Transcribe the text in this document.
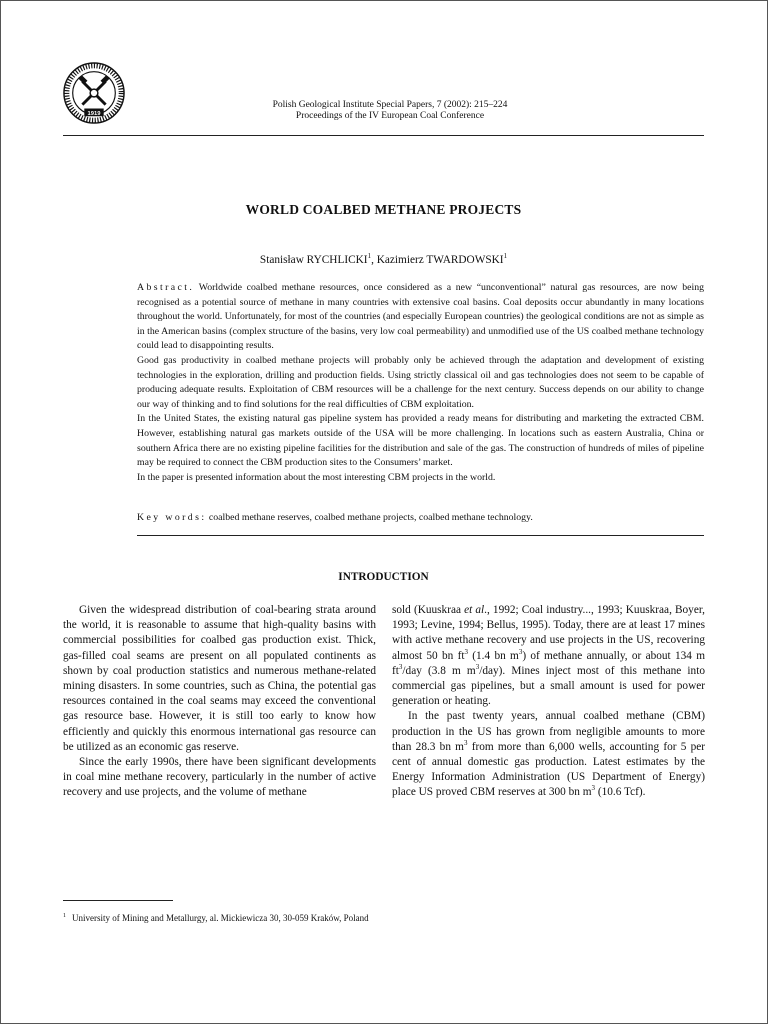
1919
Polish Geological Institute Special Papers, 7 (2002): 215–224
Proceedings of the IV European Coal Conference
WORLD COALBED METHANE PROJECTS
Stanisław RYCHLICKI$^1$, Kazimierz TWARDOWSKI$^1$

Abstract. Worldwide coalbed methane resources, once considered as a new “unconventional” natural gas resources, are now being recognised as a potential source of methane in many countries with extensive coal basins. Coal deposits occur abundantly in many locations throughout the world. Unfortunately, for most of the countries (and especially European countries) the geological conditions are not as simple as in the American basins (complex structure of the basins, very low coal permeability) and unmodified use of the US coalbed methane technology could lead to disappointing results.

Good gas productivity in coalbed methane projects will probably only be achieved through the adaptation and development of existing technologies in the exploration, drilling and production fields. Using strictly classical oil and gas technologies does not seem to be capable of producing adequate results. Exploitation of CBM resources will be a challenge for the next century. Success depends on our ability to change our way of thinking and to find solutions for the real difficulties of CBM exploitation.

In the United States, the existing natural gas pipeline system has provided a ready means for distributing and marketing the extracted CBM. However, establishing natural gas markets outside of the USA will be more challenging. In locations such as eastern Australia, China or southern Africa there are no existing pipeline facilities for the distribution and sale of the gas. The construction of hundreds of miles of pipeline may be required to connect the CBM production sites to the Consumers’ market.

In the paper is presented information about the most interesting CBM projects in the world.

Key words: coalbed methane reserves, coalbed methane projects, coalbed methane technology.
INTRODUCTION

Given the widespread distribution of coal-bearing strata around the world, it is reasonable to assume that high-quality basins with commercial possibilities for coalbed gas production exist. Thick, gas-filled coal seams are present on all populated continents as shown by coal production statistics and numerous methane-related mining disasters. In some countries, such as China, the potential gas resources contained in the coal seams may exceed the conventional gas resource base. However, it is still too early to know how efficiently and quickly this enormous international gas resource can be utilized as an economic gas reserve.

Since the early 1990s, there have been significant developments in coal mine methane recovery, particularly in the number of active recovery and use projects, and the volume of methane

sold (Kuuskraa et al., 1992; Coal industry..., 1993; Kuuskraa, Boyer, 1993; Levine, 1994; Bellus, 1995). Today, there are at least 17 mines with active methane recovery and use projects in the US, recovering almost 50 bn $ft^3$ (1.4 bn $m^3$) of methane annually, or about 134 m $ft^3$/day (3.8 m $m^3/day$). Mines inject most of this methane into commercial gas pipelines, but a small amount is used for power generation or heating.

In the past twenty years, annual coalbed methane (CBM) production in the US has grown from negligible amounts to more than 28.3 bn $m^3$ from more than 6,000 wells, accounting for 5 per cent of annual domestic gas production. Latest estimates by the Energy Information Administration (US Department of Energy) place US proved CBM reserves at 300 bn $m^3$ (10.6 Tcf).

$^1$ University of Mining and Metallurgy, al. Mickiewicza 30, 30-059 Kraków, Poland
